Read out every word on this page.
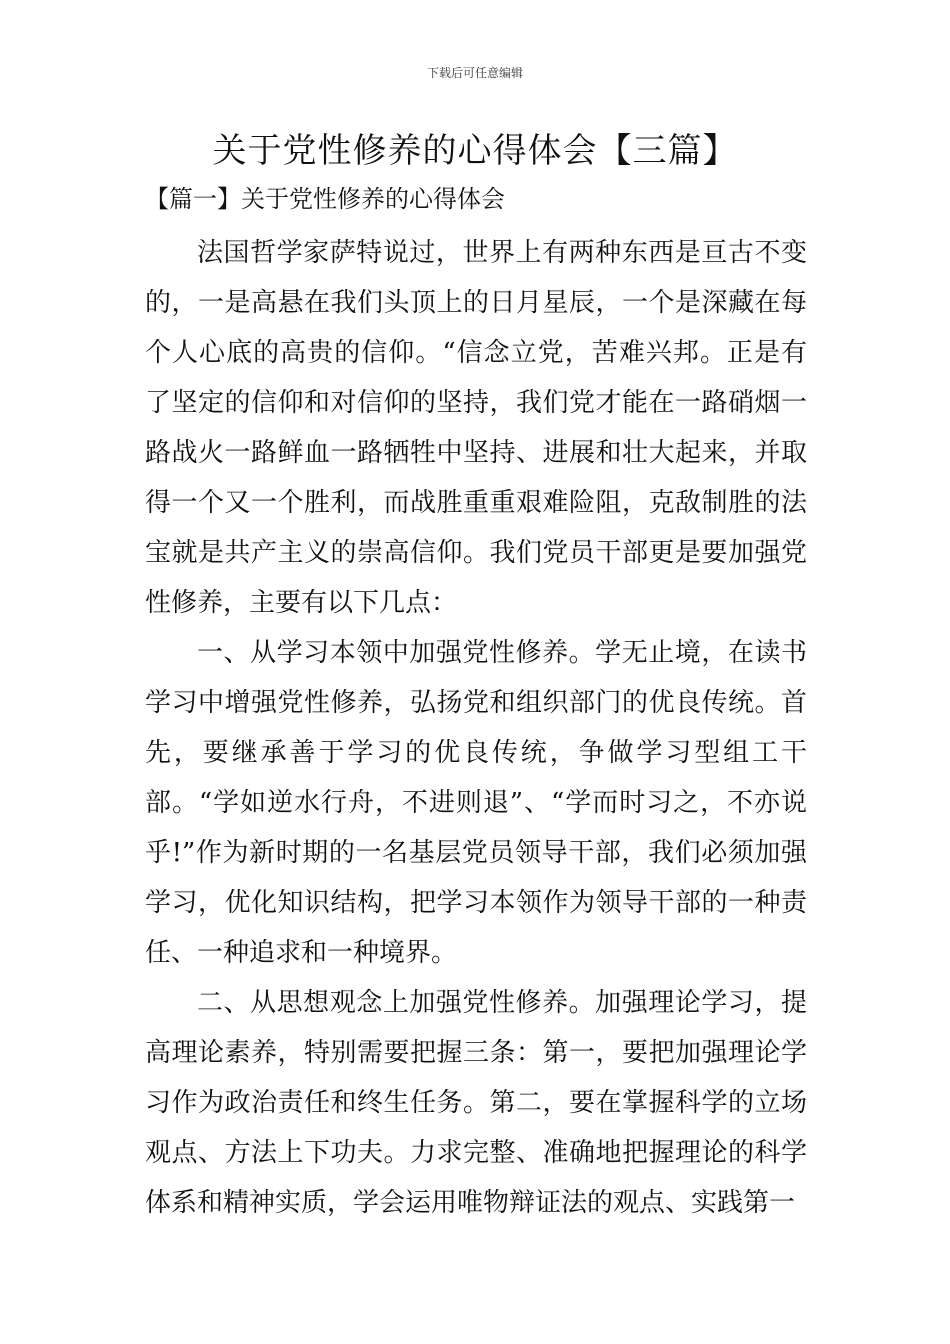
下载后可任意编辑
关于党性修养的心得体会【三篇】
【篇一】关于党性修养的心得体会

法国哲学家萨特说过，世界上有两种东西是亘古不变的，一是高悬在我们头顶上的日月星辰，一个是深藏在每个人心底的高贵的信仰。“信念立党，苦难兴邦。正是有了坚定的信仰和对信仰的坚持，我们党才能在一路硝烟一路战火一路鲜血一路牺牲中坚持、进展和壮大起来，并取得一个又一个胜利，而战胜重重艰难险阻，克敌制胜的法宝就是共产主义的崇高信仰。我们党员干部更是要加强党性修养，主要有以下几点：

一、从学习本领中加强党性修养。学无止境，在读书学习中增强党性修养，弘扬党和组织部门的优良传统。首先，要继承善于学习的优良传统，争做学习型组工干部。“学如逆水行舟，不进则退”、“学而时习之，不亦说乎!”作为新时期的一名基层党员领导干部，我们必须加强学习，优化知识结构，把学习本领作为领导干部的一种责任、一种追求和一种境界。

二、从思想观念上加强党性修养。加强理论学习，提高理论素养，特别需要把握三条：第一，要把加强理论学习作为政治责任和终生任务。第二，要在掌握科学的立场观点、方法上下功夫。力求完整、准确地把握理论的科学体系和精神实质，学会运用唯物辩证法的观点、实践第一
